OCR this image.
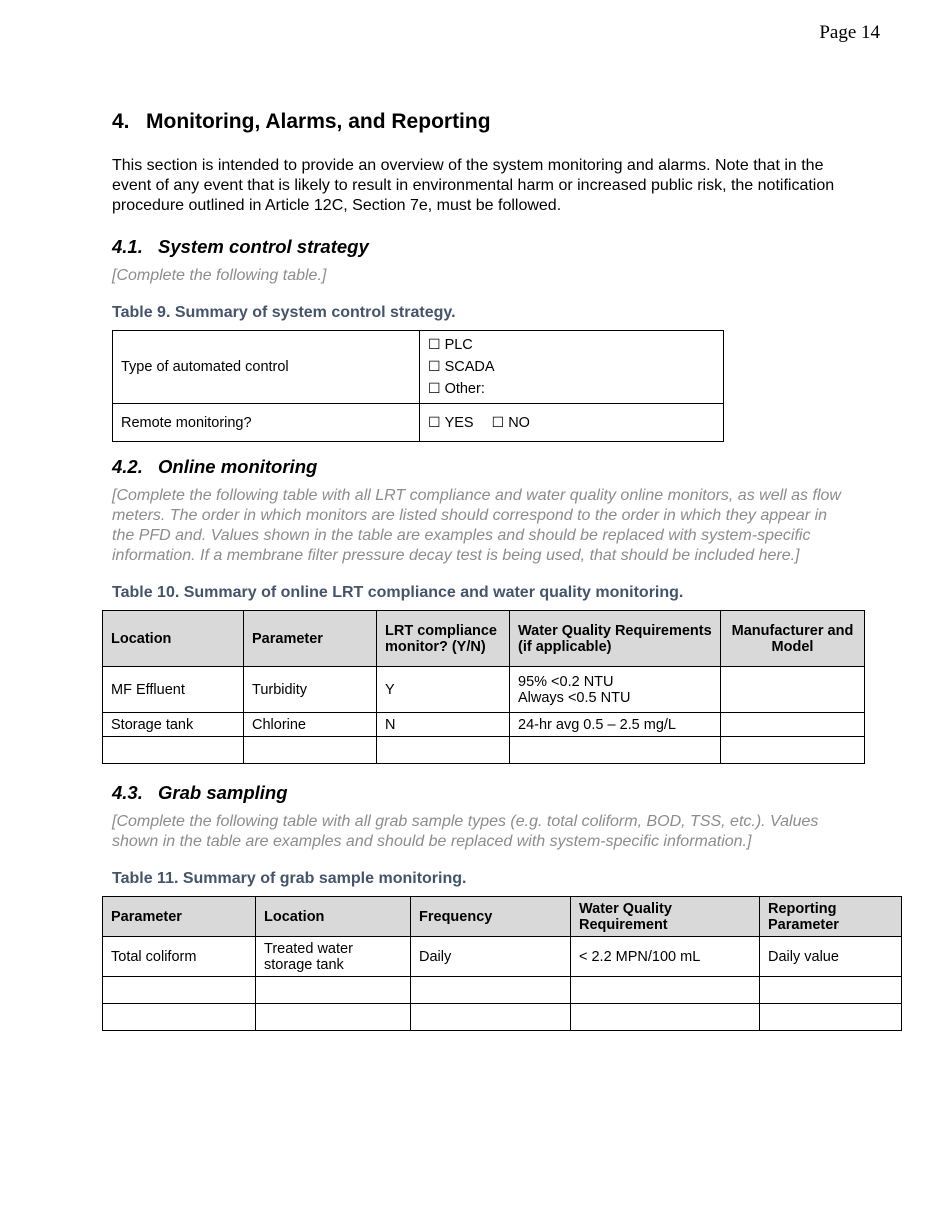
Page 14
4. Monitoring, Alarms, and Reporting

This section is intended to provide an overview of the system monitoring and alarms. Note that in the event of any event that is likely to result in environmental harm or increased public risk, the notification procedure outlined in Article 12C, Section 7e, must be followed.

4.1. System control strategy

[Complete the following table.]

Table 9. Summary of system control strategy.
Type of automated control	☐ PLC
☐ SCADA
☐ Other:

Remote monitoring?	☐ YES ☐ NO
4.2. Online monitoring

[Complete the following table with all LRT compliance and water quality online monitors, as well as flow meters. The order in which monitors are listed should correspond to the order in which they appear in the PFD and. Values shown in the table are examples and should be replaced with system-specific information. If a membrane filter pressure decay test is being used, that should be included here.]

Table 10. Summary of online LRT compliance and water quality monitoring.
Location	Parameter	LRT compliance monitor? (Y/N)	Water Quality Requirements (if applicable)	Manufacturer and Model
MF Effluent	Turbidity	Y	95% <0.2 NTU
Always <0.5 NTU	

Storage tank	Chlorine	N	24-hr avg 0.5 – 2.5 mg/L	

4.3. Grab sampling

[Complete the following table with all grab sample types (e.g. total coliform, BOD, TSS, etc.). Values shown in the table are examples and should be replaced with system-specific information.]

Table 11. Summary of grab sample monitoring.
Parameter	Location	Frequency	Water Quality Requirement	Reporting Parameter
Total coliform	Treated water storage tank	Daily	< 2.2 MPN/100 mL	Daily value
